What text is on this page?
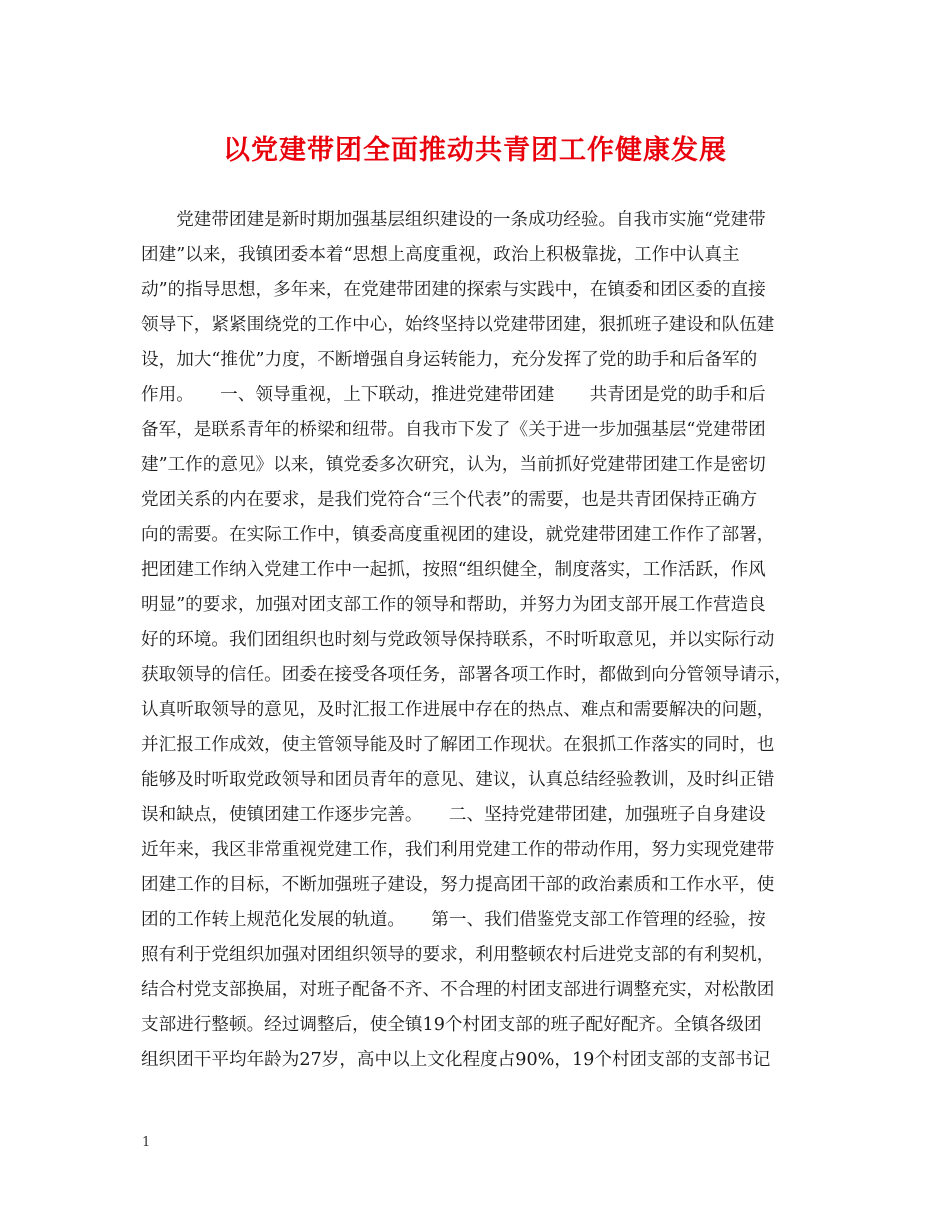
以党建带团全面推动共青团工作健康发展
　　党建带团建是新时期加强基层组织建设的一条成功经验。自我市实施“党建带
团建”以来，我镇团委本着“思想上高度重视，政治上积极靠拢，工作中认真主
动”的指导思想，多年来，在党建带团建的探索与实践中，在镇委和团区委的直接
领导下，紧紧围绕党的工作中心，始终坚持以党建带团建，狠抓班子建设和队伍建
设，加大“推优”力度，不断增强自身运转能力，充分发挥了党的助手和后备军的
作用。　　一、领导重视，上下联动，推进党建带团建　　共青团是党的助手和后
备军，是联系青年的桥梁和纽带。自我市下发了《关于进一步加强基层“党建带团
建”工作的意见》以来，镇党委多次研究，认为，当前抓好党建带团建工作是密切
党团关系的内在要求，是我们党符合“三个代表”的需要，也是共青团保持正确方
向的需要。在实际工作中，镇委高度重视团的建设，就党建带团建工作作了部署，
把团建工作纳入党建工作中一起抓，按照“组织健全，制度落实，工作活跃，作风
明显”的要求，加强对团支部工作的领导和帮助，并努力为团支部开展工作营造良
好的环境。我们团组织也时刻与党政领导保持联系，不时听取意见，并以实际行动
获取领导的信任。团委在接受各项任务，部署各项工作时，都做到向分管领导请示，
认真听取领导的意见，及时汇报工作进展中存在的热点、难点和需要解决的问题，
并汇报工作成效，使主管领导能及时了解团工作现状。在狠抓工作落实的同时，也
能够及时听取党政领导和团员青年的意见、建议，认真总结经验教训，及时纠正错
误和缺点，使镇团建工作逐步完善。　　二、坚持党建带团建，加强班子自身建设
近年来，我区非常重视党建工作，我们利用党建工作的带动作用，努力实现党建带
团建工作的目标，不断加强班子建设，努力提高团干部的政治素质和工作水平，使
团的工作转上规范化发展的轨道。　　第一、我们借鉴党支部工作管理的经验，按
照有利于党组织加强对团组织领导的要求，利用整顿农村后进党支部的有利契机，
结合村党支部换届，对班子配备不齐、不合理的村团支部进行调整充实，对松散团
支部进行整顿。经过调整后，使全镇19个村团支部的班子配好配齐。全镇各级团
组织团干平均年龄为27岁，高中以上文化程度占90%，19个村团支部的支部书记
1
